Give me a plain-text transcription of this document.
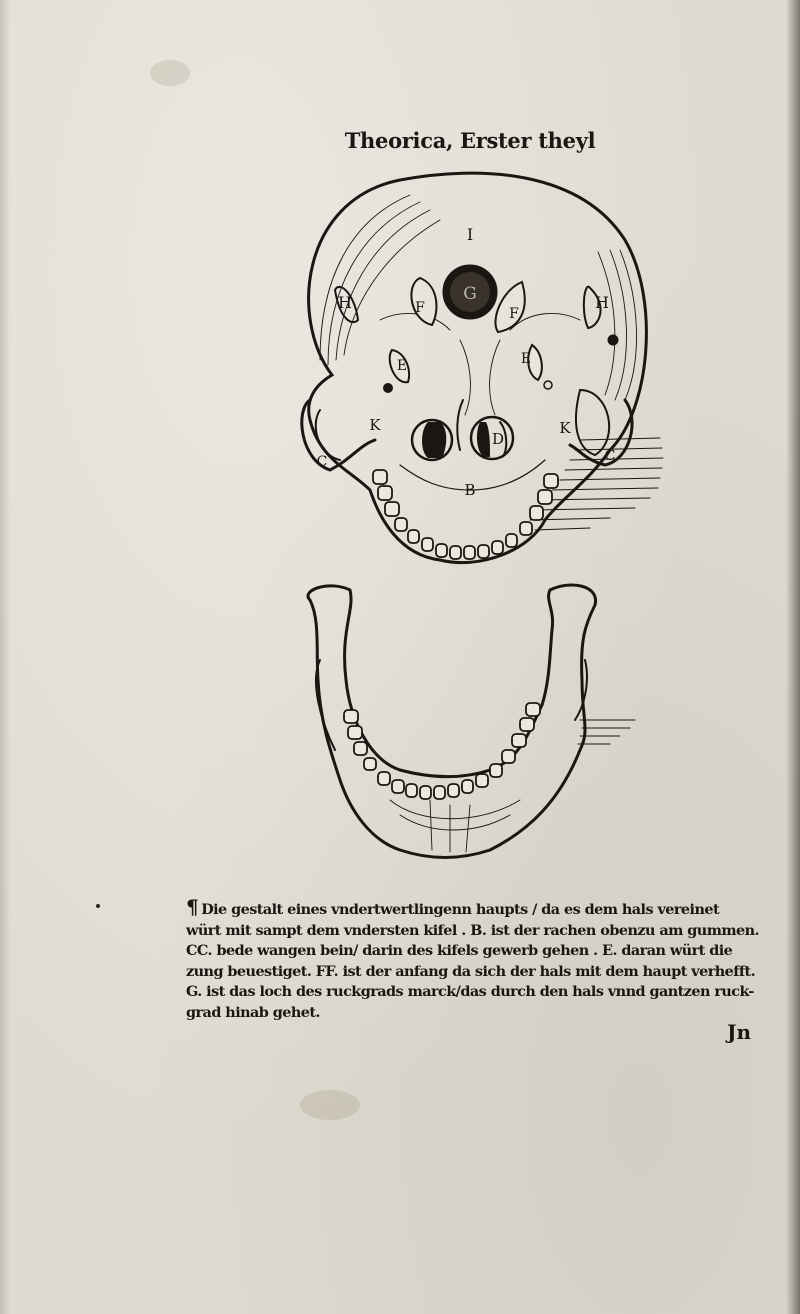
Theorica, Erster theyl
I
G
H	H
F	F
E	E
K	K
D	D
C	C
B
¶ Die gestalt eines vndertwertlingenn haupts / da es dem hals vereinet
würt mit sampt dem vndersten kifel . B. ist der rachen obenzu am gummen.
CC. bede wangen bein/ darin des kifels gewerb gehen . E. daran würt die
zung beuestiget. FF. ist der anfang da sich der hals mit dem haupt verhefft.
G. ist das loch des ruckgrads marck/das durch den hals vnnd gantzen ruck-
grad hinab gehet.
Jn
